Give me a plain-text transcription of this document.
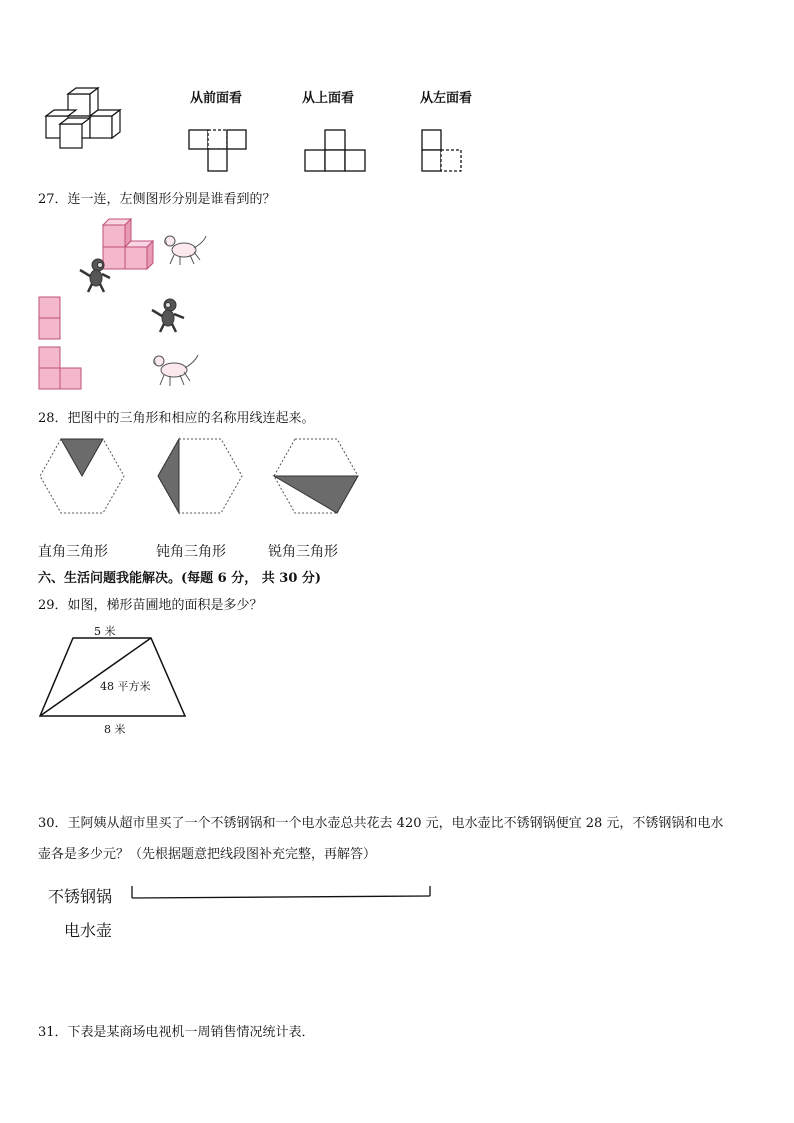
从前面看	从上面看	从左面看
27．连一连，左侧图形分别是谁看到的？
28．把图中的三角形和相应的名称用线连起来。
直角三角形	钝角三角形	锐角三角形
六、生活问题我能解决。(每题 6 分， 共 30 分)
29．如图，梯形苗圃地的面积是多少？
5 米
48 平方米
8 米
30．王阿姨从超市里买了一个不锈钢锅和一个电水壶总共花去 420 元，电水壶比不锈钢锅便宜 28 元，不锈钢锅和电水
壶各是多少元？（先根据题意把线段图补充完整，再解答）
不锈钢锅
电水壶
31．下表是某商场电视机一周销售情况统计表．
